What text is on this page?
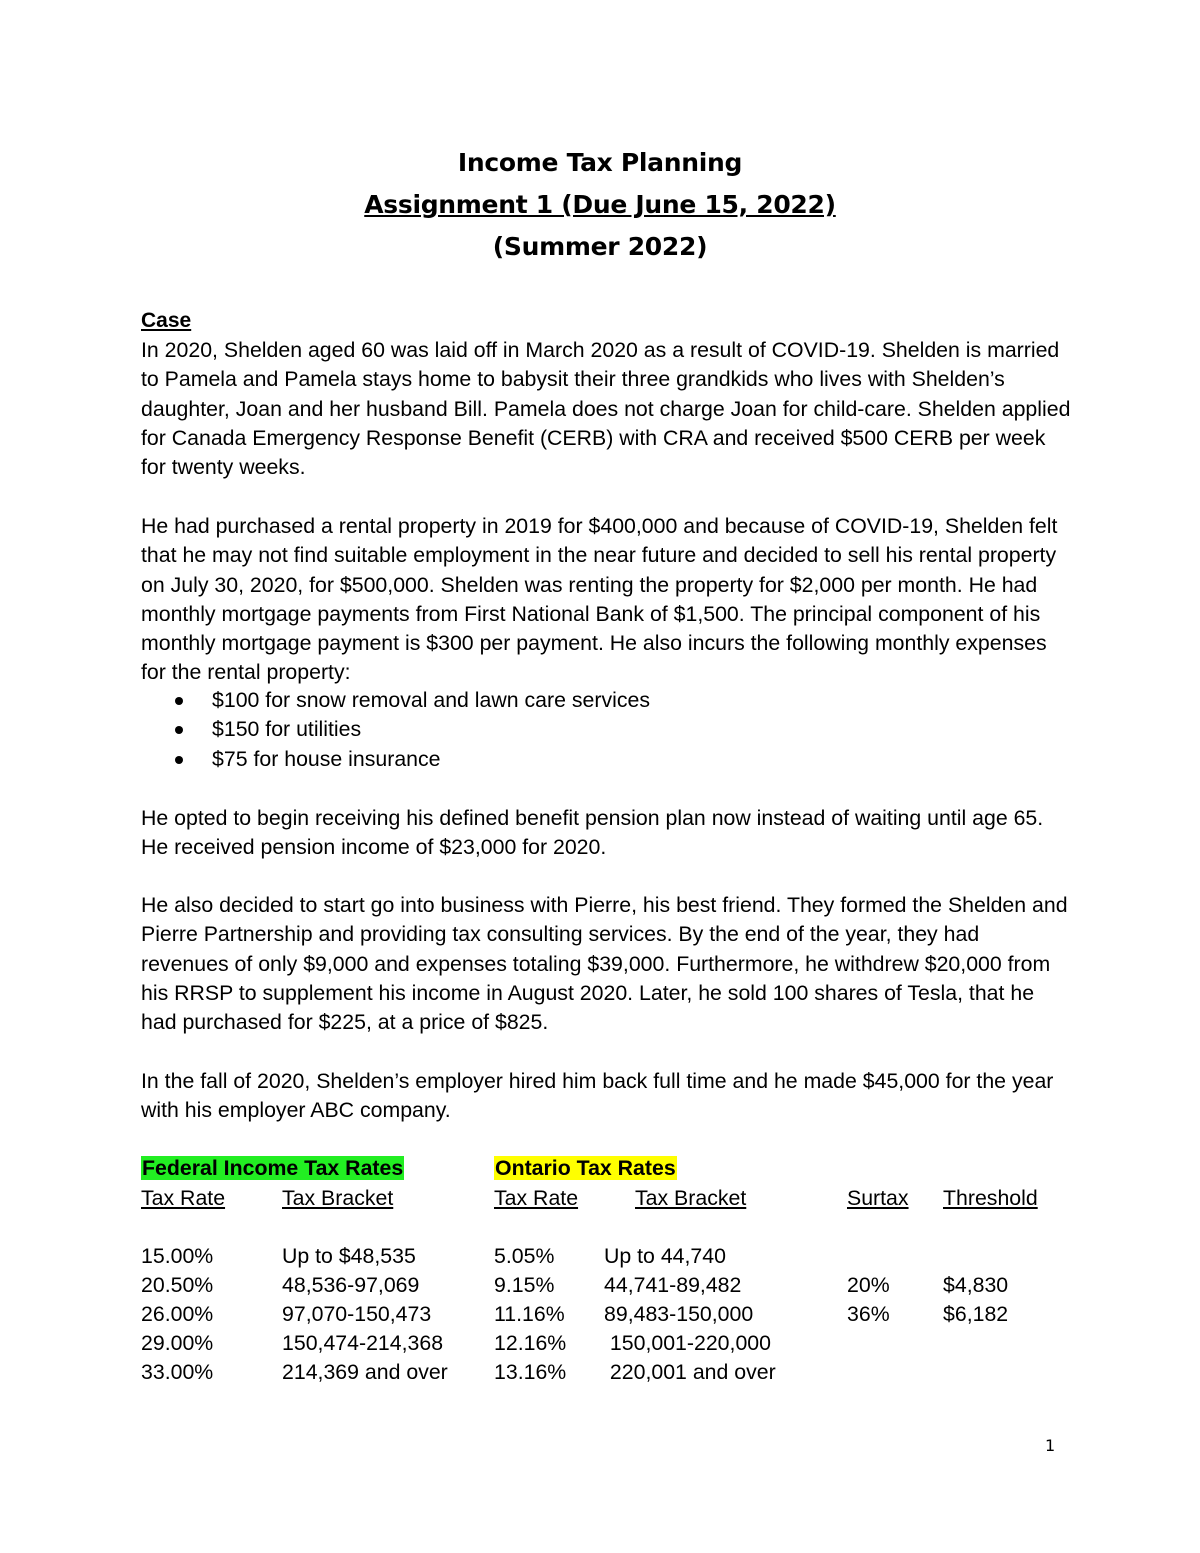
Income Tax Planning
Assignment 1 (Due June 15, 2022)
(Summer 2022)
Case
In 2020, Shelden aged 60 was laid off in March 2020 as a result of COVID-19. Shelden is married to Pamela and Pamela stays home to babysit their three grandkids who lives with Shelden’s daughter, Joan and her husband Bill. Pamela does not charge Joan for child-care. Shelden applied for Canada Emergency Response Benefit (CERB) with CRA and received $500 CERB per week for twenty weeks.
He had purchased a rental property in 2019 for $400,000 and because of COVID-19, Shelden felt that he may not find suitable employment in the near future and decided to sell his rental property on July 30, 2020, for $500,000. Shelden was renting the property for $2,000 per month. He had monthly mortgage payments from First National Bank of $1,500. The principal component of his monthly mortgage payment is $300 per payment. He also incurs the following monthly expenses for the rental property:
$100 for snow removal and lawn care services
$150 for utilities
$75 for house insurance
He opted to begin receiving his defined benefit pension plan now instead of waiting until age 65. He received pension income of $23,000 for 2020.
He also decided to start go into business with Pierre, his best friend. They formed the Shelden and Pierre Partnership and providing tax consulting services. By the end of the year, they had revenues of only $9,000 and expenses totaling $39,000. Furthermore, he withdrew $20,000 from his RRSP to supplement his income in August 2020. Later, he sold 100 shares of Tesla, that he had purchased for $225, at a price of $825.
In the fall of 2020, Shelden’s employer hired him back full time and he made $45,000 for the year with his employer ABC company.
Federal Income Tax Rates	Ontario Tax Rates
Tax Rate	Tax Bracket	Tax Rate	Tax Bracket	Surtax Threshold
15.00%	Up to $48,535	5.05% Up to 44,740
20.50%	48,536-97,069	9.15% 44,741-89,482	20%	$4,830
26.00%	97,070-150,473	11.16% 89,483-150,000	36%	$6,182
29.00%	150,474-214,368 12.16% 150,001-220,000
33.00%	214,369 and over 13.16% 220,001 and over
1
